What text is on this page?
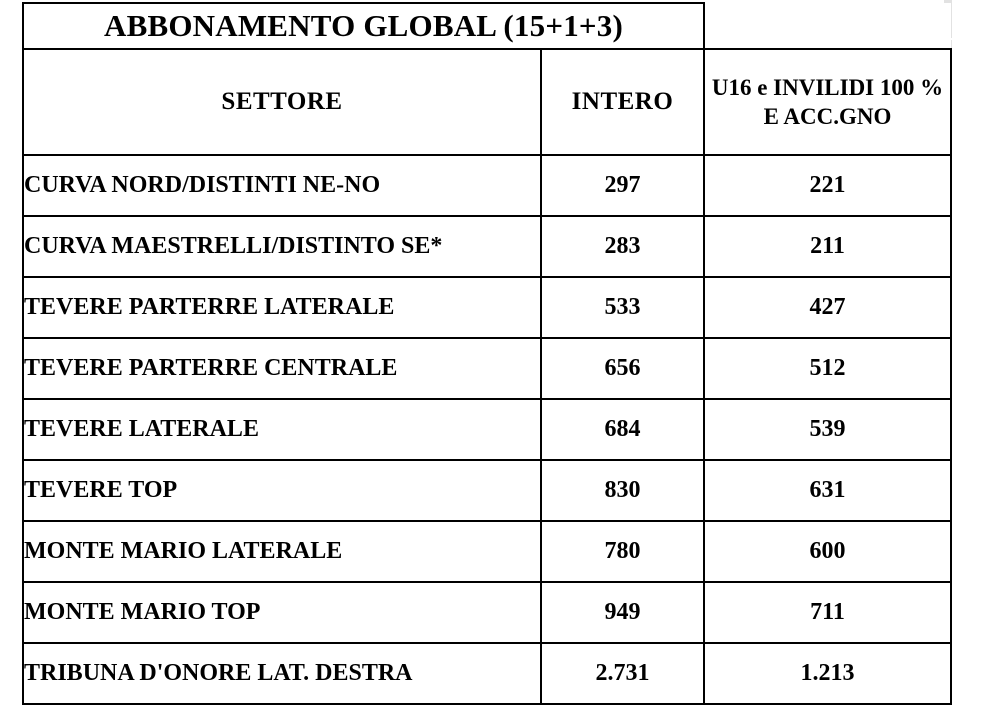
ABBONAMENTO GLOBAL (15+1+3)		
SETTORE	INTERO	U16 e INVILIDI 100 % E ACC.GNO
CURVA NORD/DISTINTI NE-NO	297	221
CURVA MAESTRELLI/DISTINTO SE*	283	211
TEVERE PARTERRE LATERALE	533	427
TEVERE PARTERRE CENTRALE	656	512
TEVERE LATERALE	684	539
TEVERE TOP	830	631
MONTE MARIO LATERALE	780	600
MONTE MARIO TOP	949	711
TRIBUNA D'ONORE LAT. DESTRA	2.731	1.213
